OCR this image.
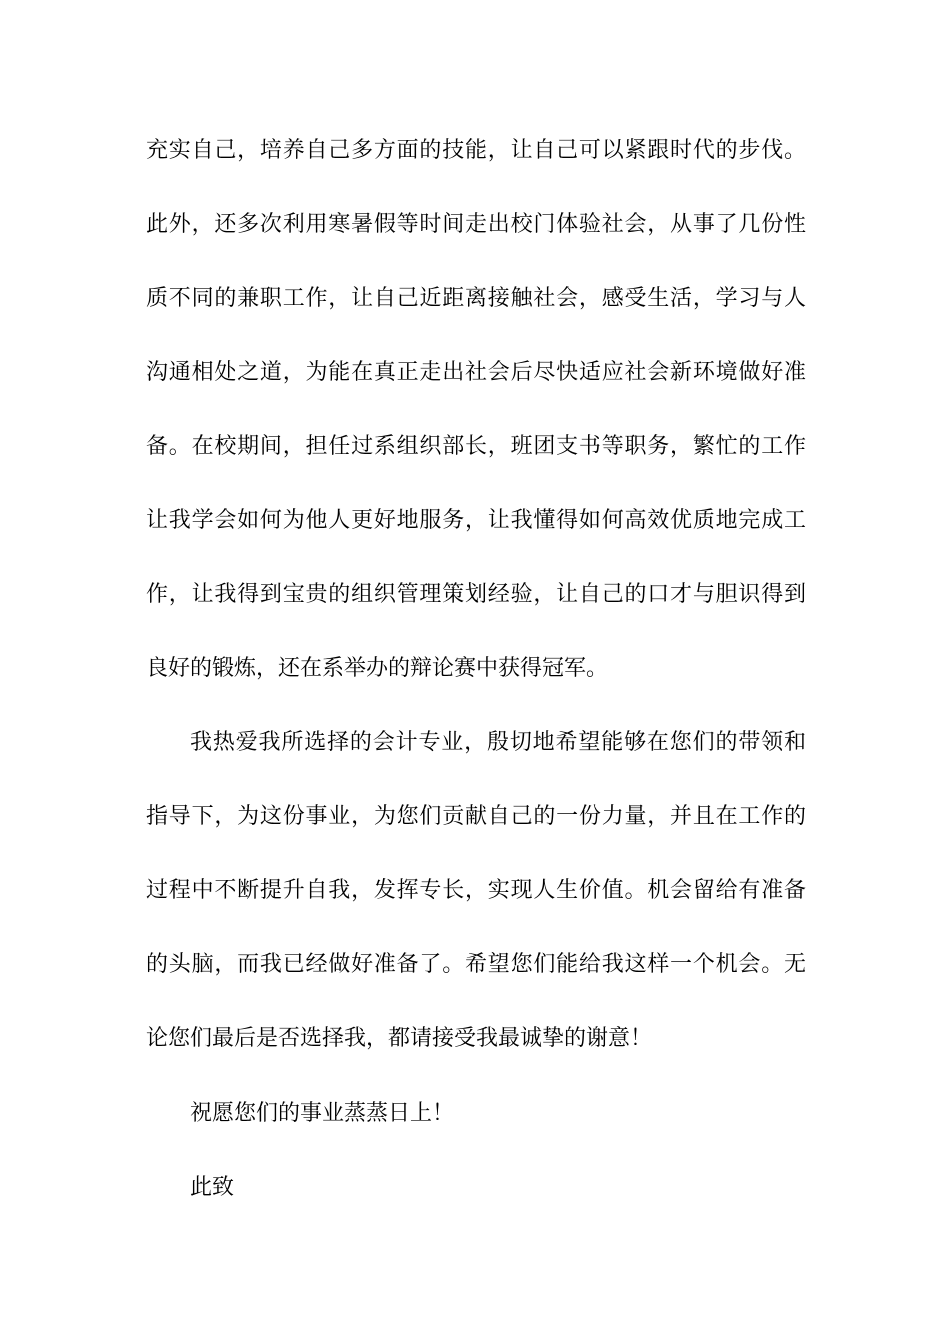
充实自己，培养自己多方面的技能，让自己可以紧跟时代的步伐。
此外，还多次利用寒暑假等时间走出校门体验社会，从事了几份性
质不同的兼职工作，让自己近距离接触社会，感受生活，学习与人
沟通相处之道，为能在真正走出社会后尽快适应社会新环境做好准
备。在校期间，担任过系组织部长，班团支书等职务，繁忙的工作
让我学会如何为他人更好地服务，让我懂得如何高效优质地完成工
作，让我得到宝贵的组织管理策划经验，让自己的口才与胆识得到
良好的锻炼，还在系举办的辩论赛中获得冠军。
我热爱我所选择的会计专业，殷切地希望能够在您们的带领和
指导下，为这份事业，为您们贡献自己的一份力量，并且在工作的
过程中不断提升自我，发挥专长，实现人生价值。机会留给有准备
的头脑，而我已经做好准备了。希望您们能给我这样一个机会。无
论您们最后是否选择我，都请接受我最诚挚的谢意！
祝愿您们的事业蒸蒸日上！
此致
